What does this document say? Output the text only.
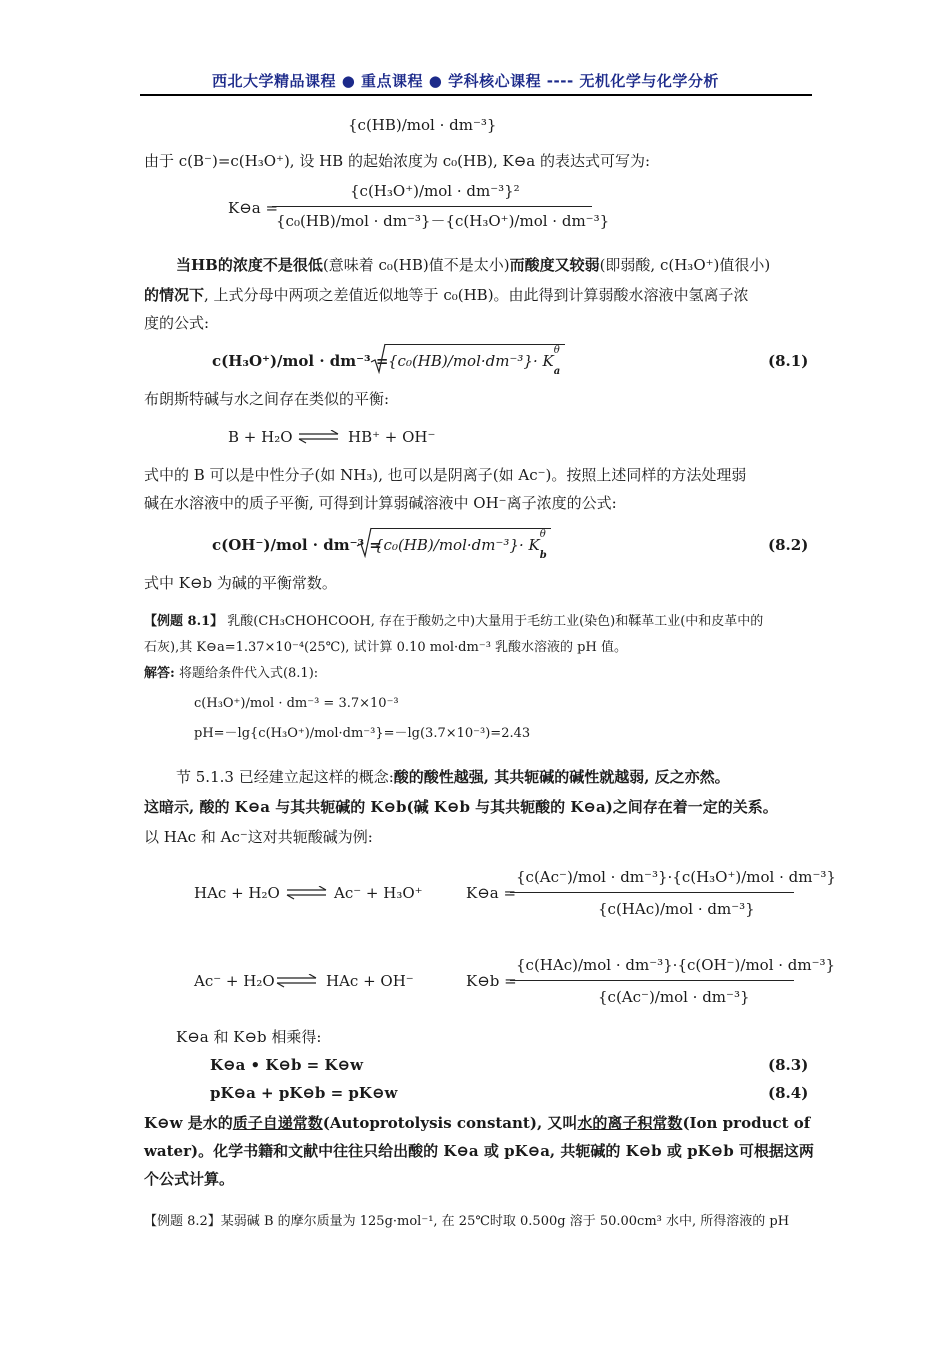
西北大学精品课程 ● 重点课程 ● 学科核心课程 ---- 无机化学与化学分析
{c(HB)/mol · dm⁻³}
由于 c(B⁻)=c(H₃O⁺), 设 HB 的起始浓度为 c₀(HB), K⊖a 的表达式可写为:
K⊖a =
{c(H₃O⁺)/mol · dm⁻³}²
{c₀(HB)/mol · dm⁻³}－{c(H₃O⁺)/mol · dm⁻³}
当HB的浓度不是很低(意味着 c₀(HB)值不是太小)而酸度又较弱(即弱酸, c(H₃O⁺)值很小)
的情况下, 上式分母中两项之差值近似地等于 c₀(HB)。由此得到计算弱酸水溶液中氢离子浓
度的公式:
c(H₃O⁺)/mol · dm⁻³ = {c₀(HB)/mol·dm⁻³}· K
θ
$_a$
(8.1)
布朗斯特碱与水之间存在类似的平衡:
B + H₂O ⇌ HB⁺ + OH⁻
式中的 B 可以是中性分子(如 NH₃), 也可以是阴离子(如 Ac⁻)。按照上述同样的方法处理弱
碱在水溶液中的质子平衡, 可得到计算弱碱溶液中 OH⁻离子浓度的公式:
c(OH⁻)/mol · dm⁻³ =
{c₀(HB)/mol·dm⁻³}· K
θ
$_b$
(8.2)
式中 K⊖b 为碱的平衡常数。
【例题 8.1】 乳酸(CH₃CHOHCOOH, 存在于酸奶之中)大量用于毛纺工业(染色)和鞣革工业(中和皮革中的
石灰),其 K⊖a=1.37×10⁻⁴(25℃), 试计算 0.10 mol·dm⁻³ 乳酸水溶液的 pH 值。
解答: 将题给条件代入式(8.1):
c(H₃O⁺)/mol · dm⁻³ = 3.7×10⁻³
pH=－lg{c(H₃O⁺)/mol·dm⁻³}=－lg(3.7×10⁻³)=2.43
节 5.1.3 已经建立起这样的概念:酸的酸性越强, 其共轭碱的碱性就越弱, 反之亦然。
这暗示, 酸的 K⊖a 与其共轭碱的 K⊖b(碱 K⊖b 与其共轭酸的 K⊖a)之间存在着一定的关系。
以 HAc 和 Ac⁻这对共轭酸碱为例:
HAc + H₂O ⇌ Ac⁻ + H₃O⁺	K⊖a =
{c(Ac⁻)/mol · dm⁻³}·{c(H₃O⁺)/mol · dm⁻³}
{c(HAc)/mol · dm⁻³}
Ac⁻ + H₂O ⇌ HAc + OH⁻	K⊖b =
{c(HAc)/mol · dm⁻³}·{c(OH⁻)/mol · dm⁻³}
{c(Ac⁻)/mol · dm⁻³}
K⊖a 和 K⊖b 相乘得:
K⊖a • K⊖b = K⊖w	(8.3)
pK⊖a + pK⊖b = pK⊖w	(8.4)
K⊖w 是水的质子自递常数(Autoprotolysis constant), 又叫水的离子积常数(Ion product of
water)。化学书籍和文献中往往只给出酸的 K⊖a 或 pK⊖a, 共轭碱的 K⊖b 或 pK⊖b 可根据这两
个公式计算。
【例题 8.2】某弱碱 B 的摩尔质量为 125g·mol⁻¹, 在 25℃时取 0.500g 溶于 50.00cm³ 水中, 所得溶液的 pH
